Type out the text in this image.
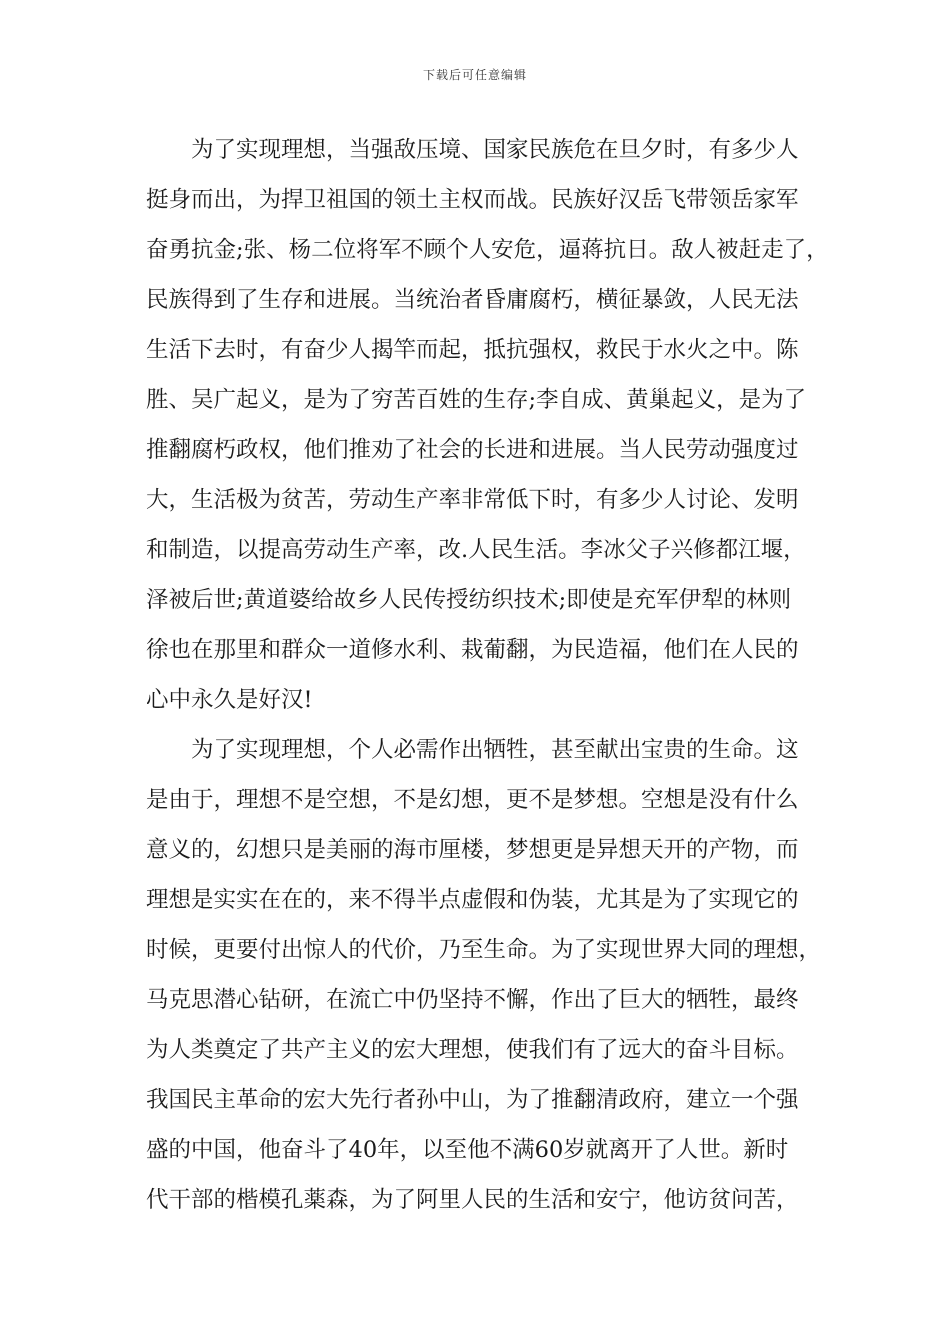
下载后可任意编辑
　　为了实现理想，当强敌压境、国家民族危在旦夕时，有多少人
挺身而出，为捍卫祖国的领土主权而战。民族好汉岳飞带领岳家军
奋勇抗金;张、杨二位将军不顾个人安危，逼蒋抗日。敌人被赶走了，
民族得到了生存和进展。当统治者昏庸腐朽，横征暴敛，人民无法
生活下去时，有奋少人揭竿而起，抵抗强权，救民于水火之中。陈
胜、吴广起义，是为了穷苦百姓的生存;李自成、黄巢起义，是为了
推翻腐朽政权，他们推劝了社会的长进和进展。当人民劳动强度过
大，生活极为贫苦，劳动生产率非常低下时，有多少人讨论、发明
和制造，以提高劳动生产率，改.人民生活。李冰父子兴修都江堰，
泽被后世;黄道婆给故乡人民传授纺织技术;即使是充军伊犁的林则
徐也在那里和群众一道修水利、栽葡翻，为民造福，他们在人民的
心中永久是好汉!
　　为了实现理想，个人必需作出牺牲，甚至献出宝贵的生命。这
是由于，理想不是空想，不是幻想，更不是梦想。空想是没有什么
意义的，幻想只是美丽的海市厘楼，梦想更是异想天开的产物，而
理想是实实在在的，来不得半点虚假和伪装，尤其是为了实现它的
时候，更要付出惊人的代价，乃至生命。为了实现世界大同的理想，
马克思潜心钻研，在流亡中仍坚持不懈，作出了巨大的牺牲，最终
为人类奠定了共产主义的宏大理想，使我们有了远大的奋斗目标。
我国民主革命的宏大先行者孙中山，为了推翻清政府，建立一个强
盛的中国，他奋斗了40年，以至他不满60岁就离开了人世。新时
代干部的楷模孔薬森，为了阿里人民的生活和安宁，他访贫问苦，
